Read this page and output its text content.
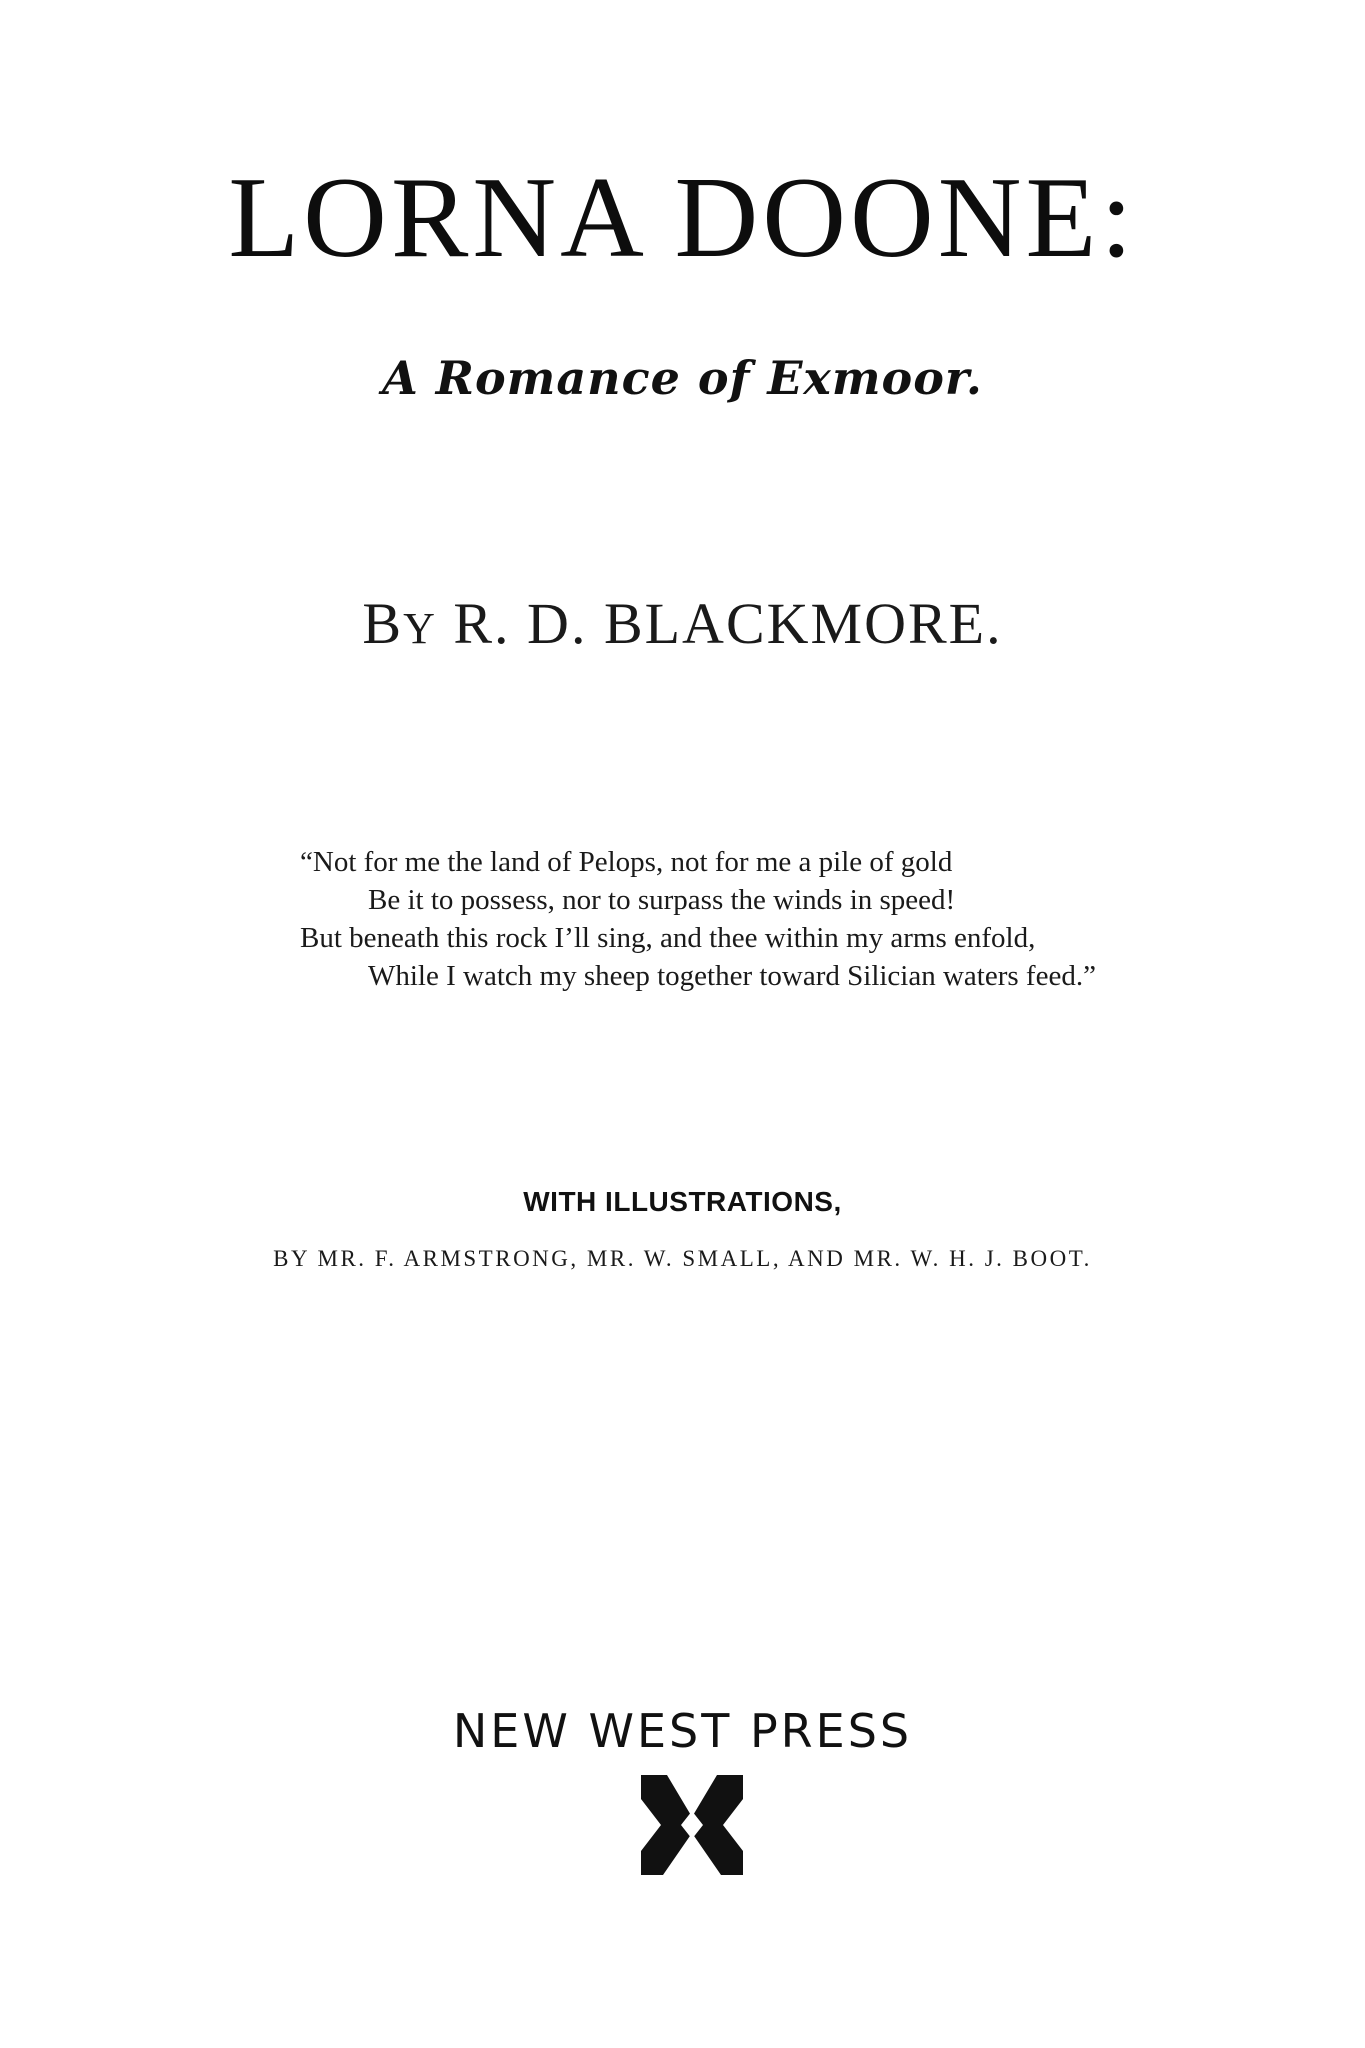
LORNA DOONE:
A Romance of Exmoor.
BY R. D. BLACKMORE.
“Not for me the land of Pelops, not for me a pile of gold
Be it to possess, nor to surpass the winds in speed!
But beneath this rock I’ll sing, and thee within my arms enfold,
While I watch my sheep together toward Silician waters feed.”
WITH ILLUSTRATIONS,
BY MR. F. ARMSTRONG, MR. W. SMALL, AND MR. W. H. J. BOOT.
NEW WEST PRESS
